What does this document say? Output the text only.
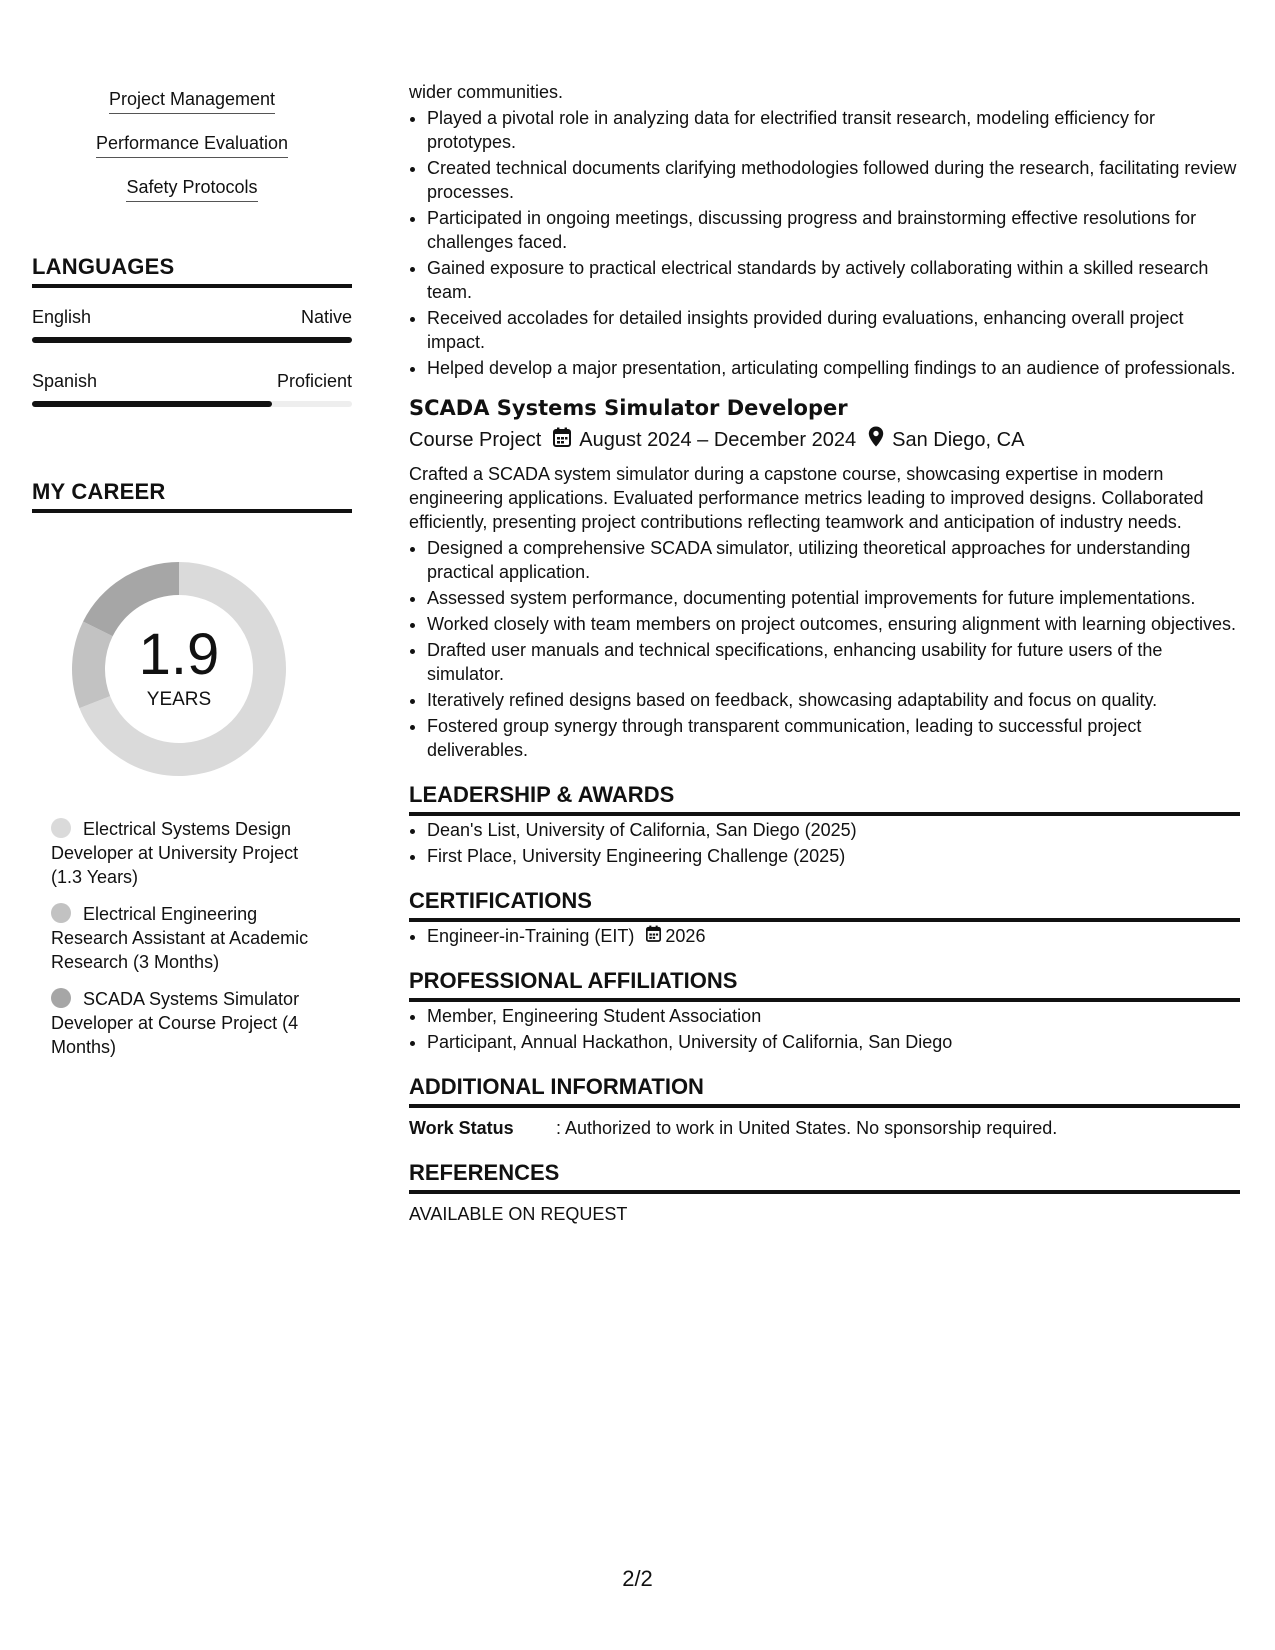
Project Management
Performance Evaluation
Safety Protocols
LANGUAGES
English	Native
Spanish	Proficient
MY CAREER
1.9
YEARS
Electrical Systems Design Developer at University Project (1.3 Years)
Electrical Engineering Research Assistant at Academic Research (3 Months)
SCADA Systems Simulator Developer at Course Project (4 Months)

wider communities.

• Played a pivotal role in analyzing data for electrified transit research, modeling efficiency for prototypes.
• Created technical documents clarifying methodologies followed during the research, facilitating review processes.
• Participated in ongoing meetings, discussing progress and brainstorming effective resolutions for challenges faced.
• Gained exposure to practical electrical standards by actively collaborating within a skilled research team.
• Received accolades for detailed insights provided during evaluations, enhancing overall project impact.
• Helped develop a major presentation, articulating compelling findings to an audience of professionals.
SCADA Systems Simulator Developer
Course Project August 2024 – December 2024 San Diego, CA

Crafted a SCADA system simulator during a capstone course, showcasing expertise in modern engineering applications. Evaluated performance metrics leading to improved designs. Collaborated efficiently, presenting project contributions reflecting teamwork and anticipation of industry needs.

• Designed a comprehensive SCADA simulator, utilizing theoretical approaches for understanding practical application.
• Assessed system performance, documenting potential improvements for future implementations.
• Worked closely with team members on project outcomes, ensuring alignment with learning objectives.
• Drafted user manuals and technical specifications, enhancing usability for future users of the simulator.
• Iteratively refined designs based on feedback, showcasing adaptability and focus on quality.
• Fostered group synergy through transparent communication, leading to successful project deliverables.
LEADERSHIP & AWARDS
• Dean's List, University of California, San Diego (2025)
• First Place, University Engineering Challenge (2025)
CERTIFICATIONS
• Engineer-in-Training (EIT) 2026
PROFESSIONAL AFFILIATIONS
• Member, Engineering Student Association
• Participant, Annual Hackathon, University of California, San Diego
ADDITIONAL INFORMATION
Work Status	: Authorized to work in United States. No sponsorship required.
REFERENCES

AVAILABLE ON REQUEST

2/2
